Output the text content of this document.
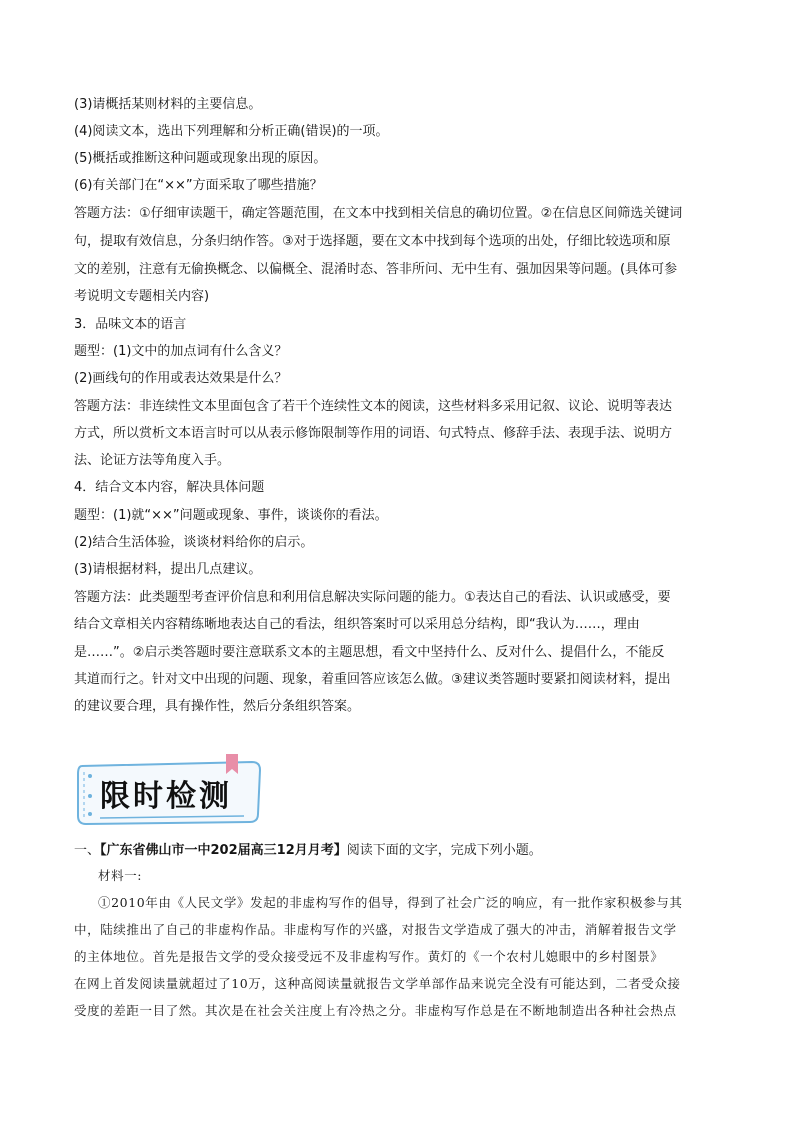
(3)请概括某则材料的主要信息。
(4)阅读文本，选出下列理解和分析正确(错误)的一项。
(5)概括或推断这种问题或现象出现的原因。
(6)有关部门在“××”方面采取了哪些措施？
答题方法：①仔细审读题干，确定答题范围，在文本中找到相关信息的确切位置。②在信息区间筛选关键词
句，提取有效信息，分条归纳作答。③对于选择题，要在文本中找到每个选项的出处，仔细比较选项和原
文的差别，注意有无偷换概念、以偏概全、混淆时态、答非所问、无中生有、强加因果等问题。(具体可参
考说明文专题相关内容)
3．品味文本的语言
题型：(1)文中的加点词有什么含义？
(2)画线句的作用或表达效果是什么？
答题方法：非连续性文本里面包含了若干个连续性文本的阅读，这些材料多采用记叙、议论、说明等表达
方式，所以赏析文本语言时可以从表示修饰限制等作用的词语、句式特点、修辞手法、表现手法、说明方
法、论证方法等角度入手。
4．结合文本内容，解决具体问题
题型：(1)就“××”问题或现象、事件，谈谈你的看法。
(2)结合生活体验，谈谈材料给你的启示。
(3)请根据材料，提出几点建议。
答题方法：此类题型考查评价信息和利用信息解决实际问题的能力。①表达自己的看法、认识或感受，要
结合文章相关内容精练晰地表达自己的看法，组织答案时可以采用总分结构，即“我认为……，理由
是……”。②启示类答题时要注意联系文本的主题思想，看文中坚持什么、反对什么、提倡什么，不能反
其道而行之。针对文中出现的问题、现象，着重回答应该怎么做。③建议类答题时要紧扣阅读材料，提出
的建议要合理，具有操作性，然后分条组织答案。
限时检测
一、【广东省佛山市一中202届高三12月月考】阅读下面的文字，完成下列小题。
材料一:
①2010年由《人民文学》发起的非虚构写作的倡导，得到了社会广泛的响应，有一批作家积极参与其
中，陆续推出了自己的非虚构作品。非虚构写作的兴盛，对报告文学造成了强大的冲击，消解着报告文学
的主体地位。首先是报告文学的受众接受远不及非虚构写作。黄灯的《一个农村儿媳眼中的乡村图景》
在网上首发阅读量就超过了10万，这种高阅读量就报告文学单部作品来说完全没有可能达到，二者受众接
受度的差距一目了然。其次是在社会关注度上有冷热之分。非虚构写作总是在不断地制造出各种社会热点
